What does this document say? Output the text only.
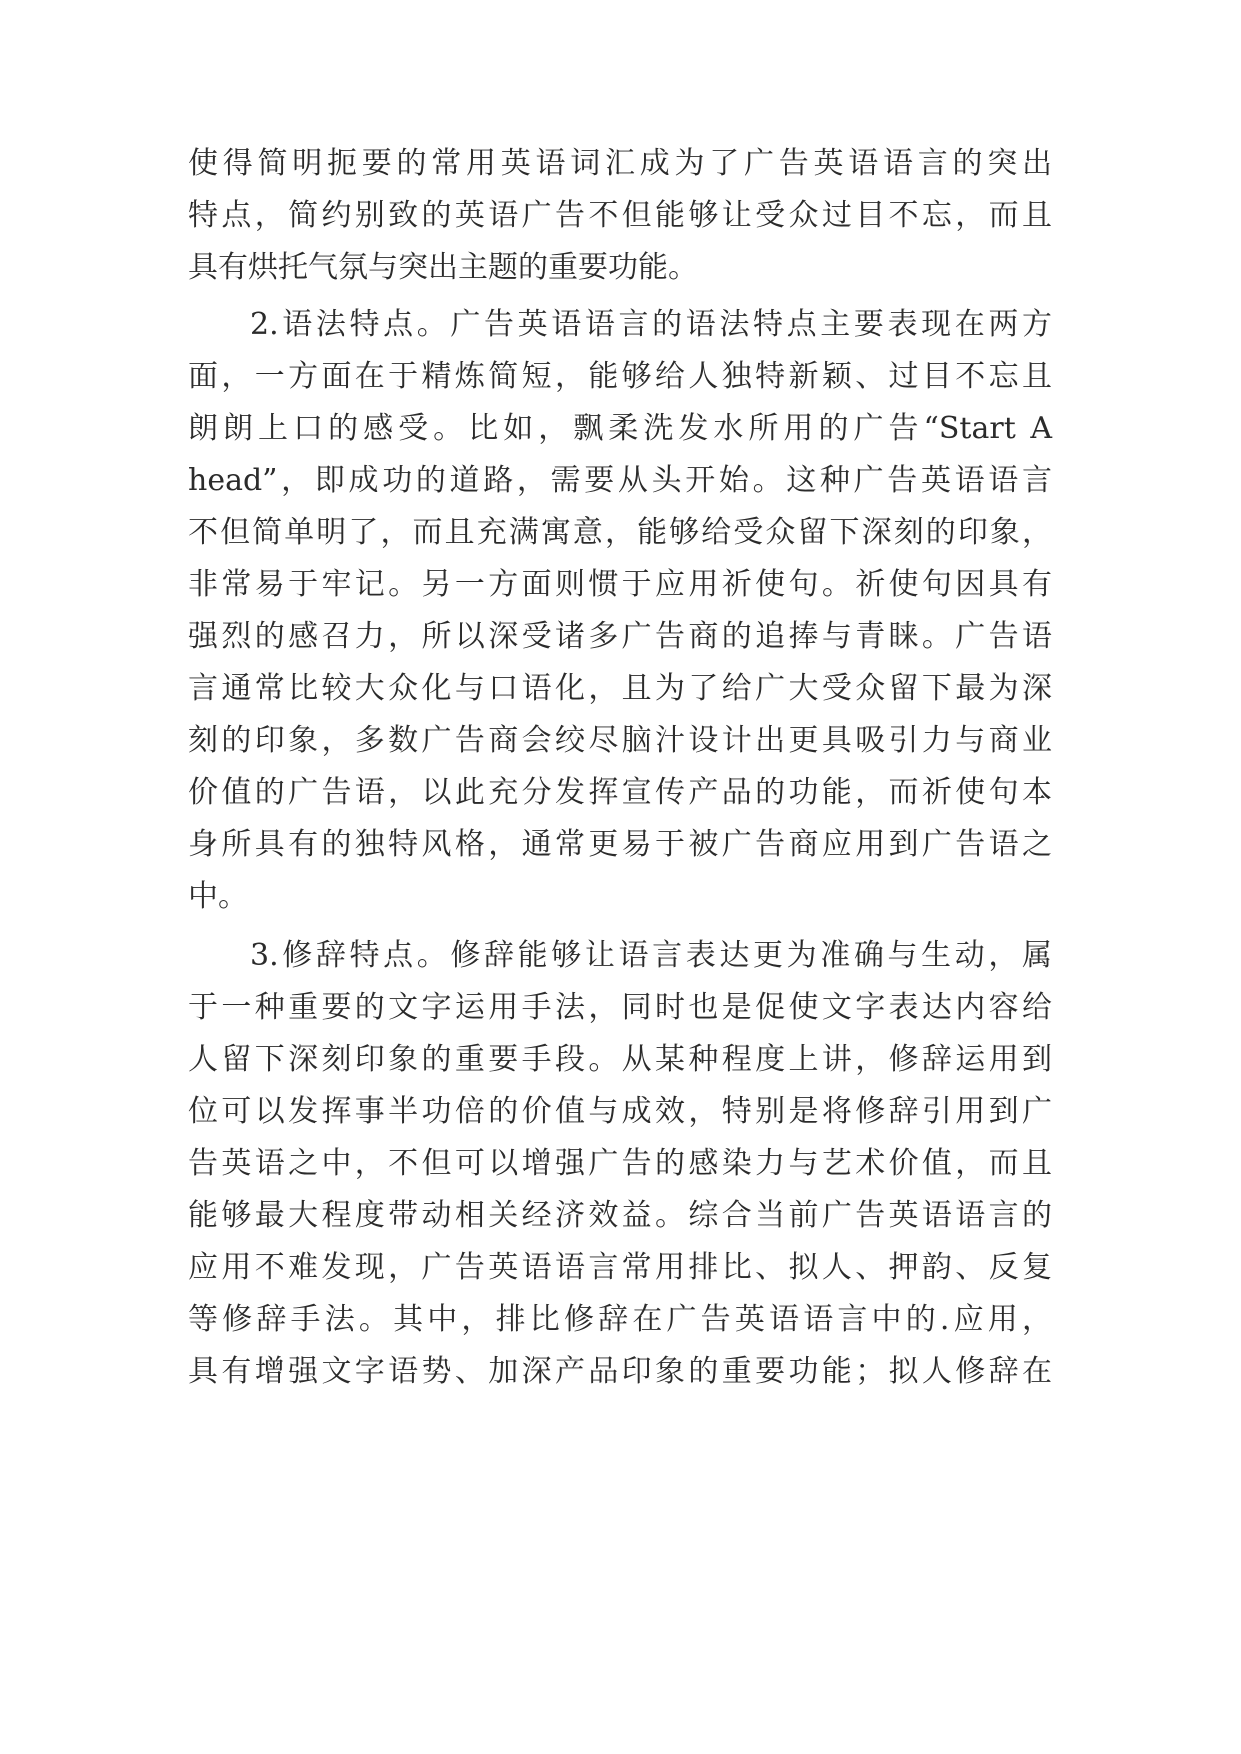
使得简明扼要的常用英语词汇成为了广告英语语言的突出
特点，简约别致的英语广告不但能够让受众过目不忘，而且
具有烘托气氛与突出主题的重要功能。
2.语法特点。广告英语语言的语法特点主要表现在两方
面，一方面在于精炼简短，能够给人独特新颖、过目不忘且
朗朗上口的感受。比如，飘柔洗发水所用的广告“Start A
head”，即成功的道路，需要从头开始。这种广告英语语言
不但简单明了，而且充满寓意，能够给受众留下深刻的印象，
非常易于牢记。另一方面则惯于应用祈使句。祈使句因具有
强烈的感召力，所以深受诸多广告商的追捧与青睐。广告语
言通常比较大众化与口语化，且为了给广大受众留下最为深
刻的印象，多数广告商会绞尽脑汁设计出更具吸引力与商业
价值的广告语，以此充分发挥宣传产品的功能，而祈使句本
身所具有的独特风格，通常更易于被广告商应用到广告语之
中。
3.修辞特点。修辞能够让语言表达更为准确与生动，属
于一种重要的文字运用手法，同时也是促使文字表达内容给
人留下深刻印象的重要手段。从某种程度上讲，修辞运用到
位可以发挥事半功倍的价值与成效，特别是将修辞引用到广
告英语之中，不但可以增强广告的感染力与艺术价值，而且
能够最大程度带动相关经济效益。综合当前广告英语语言的
应用不难发现，广告英语语言常用排比、拟人、押韵、反复
等修辞手法。其中，排比修辞在广告英语语言中的.应用，
具有增强文字语势、加深产品印象的重要功能；拟人修辞在
